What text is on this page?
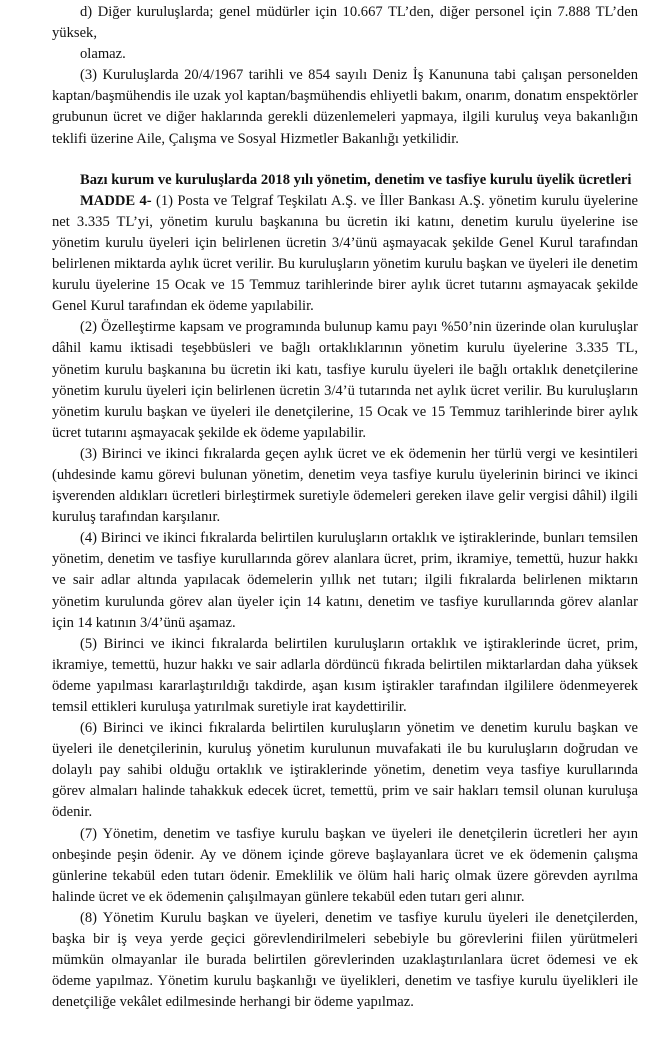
d) Diğer kuruluşlarda; genel müdürler için 10.667 TL’den, diğer personel için 7.888 TL’den yüksek,

olamaz.

(3) Kuruluşlarda 20/4/1967 tarihli ve 854 sayılı Deniz İş Kanununa tabi çalışan personelden kaptan/başmühendis ile uzak yol kaptan/başmühendis ehliyetli bakım, onarım, donatım enspektörler grubunun ücret ve diğer haklarında gerekli düzenlemeleri yapmaya, ilgili kuruluş veya bakanlığın teklifi üzerine Aile, Çalışma ve Sosyal Hizmetler Bakanlığı yetkilidir.

Bazı kurum ve kuruluşlarda 2018 yılı yönetim, denetim ve tasfiye kurulu üyelik ücretleri

MADDE 4- (1) Posta ve Telgraf Teşkilatı A.Ş. ve İller Bankası A.Ş. yönetim kurulu üyelerine net 3.335 TL’yi, yönetim kurulu başkanına bu ücretin iki katını, denetim kurulu üyelerine ise yönetim kurulu üyeleri için belirlenen ücretin 3/4’ünü aşmayacak şekilde Genel Kurul tarafından belirlenen miktarda aylık ücret verilir. Bu kuruluşların yönetim kurulu başkan ve üyeleri ile denetim kurulu üyelerine 15 Ocak ve 15 Temmuz tarihlerinde birer aylık ücret tutarını aşmayacak şekilde Genel Kurul tarafından ek ödeme yapılabilir.

(2) Özelleştirme kapsam ve programında bulunup kamu payı %50’nin üzerinde olan kuruluşlar dâhil kamu iktisadi teşebbüsleri ve bağlı ortaklıklarının yönetim kurulu üyelerine 3.335 TL, yönetim kurulu başkanına bu ücretin iki katı, tasfiye kurulu üyeleri ile bağlı ortaklık denetçilerine yönetim kurulu üyeleri için belirlenen ücretin 3/4’ü tutarında net aylık ücret verilir. Bu kuruluşların yönetim kurulu başkan ve üyeleri ile denetçilerine, 15 Ocak ve 15 Temmuz tarihlerinde birer aylık ücret tutarını aşmayacak şekilde ek ödeme yapılabilir.

(3) Birinci ve ikinci fıkralarda geçen aylık ücret ve ek ödemenin her türlü vergi ve kesintileri (uhdesinde kamu görevi bulunan yönetim, denetim veya tasfiye kurulu üyelerinin birinci ve ikinci işverenden aldıkları ücretleri birleştirmek suretiyle ödemeleri gereken ilave gelir vergisi dâhil) ilgili kuruluş tarafından karşılanır.

(4) Birinci ve ikinci fıkralarda belirtilen kuruluşların ortaklık ve iştiraklerinde, bunları temsilen yönetim, denetim ve tasfiye kurullarında görev alanlara ücret, prim, ikramiye, temettü, huzur hakkı ve sair adlar altında yapılacak ödemelerin yıllık net tutarı; ilgili fıkralarda belirlenen miktarın yönetim kurulunda görev alan üyeler için 14 katını, denetim ve tasfiye kurullarında görev alanlar için 14 katının 3/4’ünü aşamaz.

(5) Birinci ve ikinci fıkralarda belirtilen kuruluşların ortaklık ve iştiraklerinde ücret, prim, ikramiye, temettü, huzur hakkı ve sair adlarla dördüncü fıkrada belirtilen miktarlardan daha yüksek ödeme yapılması kararlaştırıldığı takdirde, aşan kısım iştirakler tarafından ilgililere ödenmeyerek temsil ettikleri kuruluşa yatırılmak suretiyle irat kaydettirilir.

(6) Birinci ve ikinci fıkralarda belirtilen kuruluşların yönetim ve denetim kurulu başkan ve üyeleri ile denetçilerinin, kuruluş yönetim kurulunun muvafakati ile bu kuruluşların doğrudan ve dolaylı pay sahibi olduğu ortaklık ve iştiraklerinde yönetim, denetim veya tasfiye kurullarında görev almaları halinde tahakkuk edecek ücret, temettü, prim ve sair hakları temsil olunan kuruluşa ödenir.

(7) Yönetim, denetim ve tasfiye kurulu başkan ve üyeleri ile denetçilerin ücretleri her ayın onbeşinde peşin ödenir. Ay ve dönem içinde göreve başlayanlara ücret ve ek ödemenin çalışma günlerine tekabül eden tutarı ödenir. Emeklilik ve ölüm hali hariç olmak üzere görevden ayrılma halinde ücret ve ek ödemenin çalışılmayan günlere tekabül eden tutarı geri alınır.

(8) Yönetim Kurulu başkan ve üyeleri, denetim ve tasfiye kurulu üyeleri ile denetçilerden, başka bir iş veya yerde geçici görevlendirilmeleri sebebiyle bu görevlerini fiilen yürütmeleri mümkün olmayanlar ile burada belirtilen görevlerinden uzaklaştırılanlara ücret ödemesi ve ek ödeme yapılmaz. Yönetim kurulu başkanlığı ve üyelikleri, denetim ve tasfiye kurulu üyelikleri ile denetçiliğe vekâlet edilmesinde herhangi bir ödeme yapılmaz.
